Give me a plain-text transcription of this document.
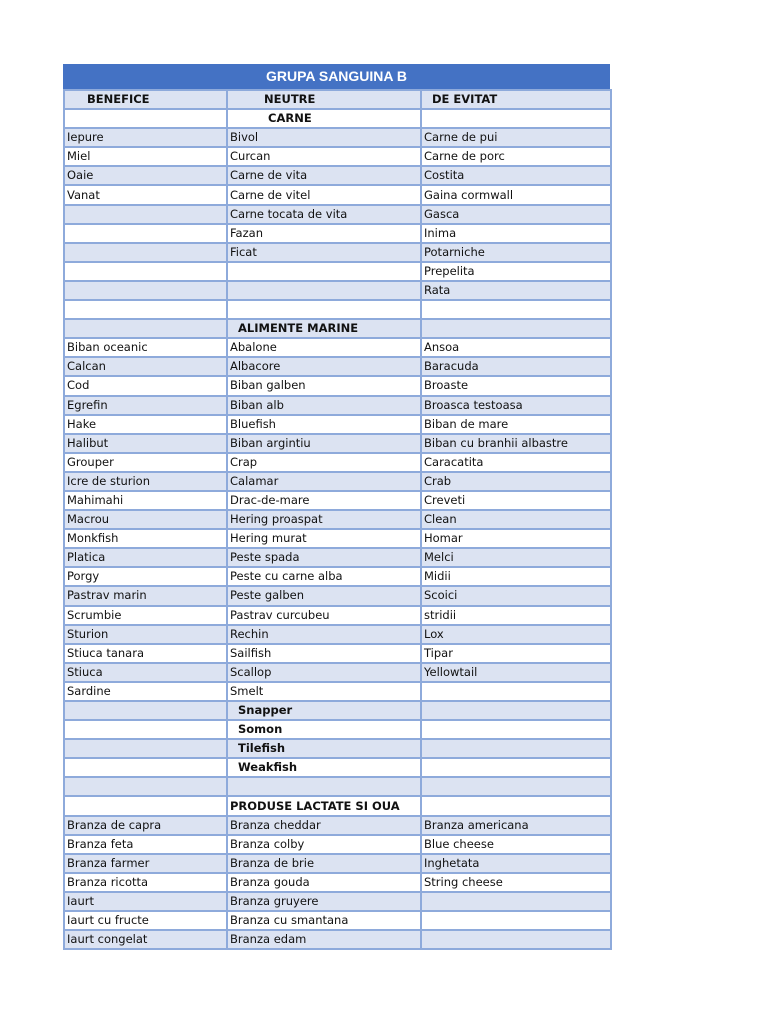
GRUPA SANGUINA B
BENEFICE	NEUTRE	DE EVITAT
	CARNE	
Iepure	Bivol	Carne de pui
Miel	Curcan	Carne de porc
Oaie	Carne de vita	Costita
Vanat	Carne de vitel	Gaina cormwall
	Carne tocata de vita	Gasca
	Fazan	Inima
	Ficat	Potarniche
		Prepelita
		Rata

	ALIMENTE MARINE	
Biban oceanic	Abalone	Ansoa
Calcan	Albacore	Baracuda
Cod	Biban galben	Broaste
Egrefin	Biban alb	Broasca testoasa
Hake	Bluefish	Biban de mare
Halibut	Biban argintiu	Biban cu branhii albastre
Grouper	Crap	Caracatita
Icre de sturion	Calamar	Crab
Mahimahi	Drac-de-mare	Creveti
Macrou	Hering proaspat	Clean
Monkfish	Hering murat	Homar
Platica	Peste spada	Melci
Porgy	Peste cu carne alba	Midii
Pastrav marin	Peste galben	Scoici
Scrumbie	Pastrav curcubeu	stridii
Sturion	Rechin	Lox
Stiuca tanara	Sailfish	Tipar
Stiuca	Scallop	Yellowtail
Sardine	Smelt	
	Snapper	
	Somon	
	Tilefish	
	Weakfish	

	PRODUSE LACTATE SI OUA	
Branza de capra	Branza cheddar	Branza americana
Branza feta	Branza colby	Blue cheese
Branza farmer	Branza de brie	Inghetata
Branza ricotta	Branza gouda	String cheese
Iaurt	Branza gruyere	
Iaurt cu fructe	Branza cu smantana	
Iaurt congelat	Branza edam	
